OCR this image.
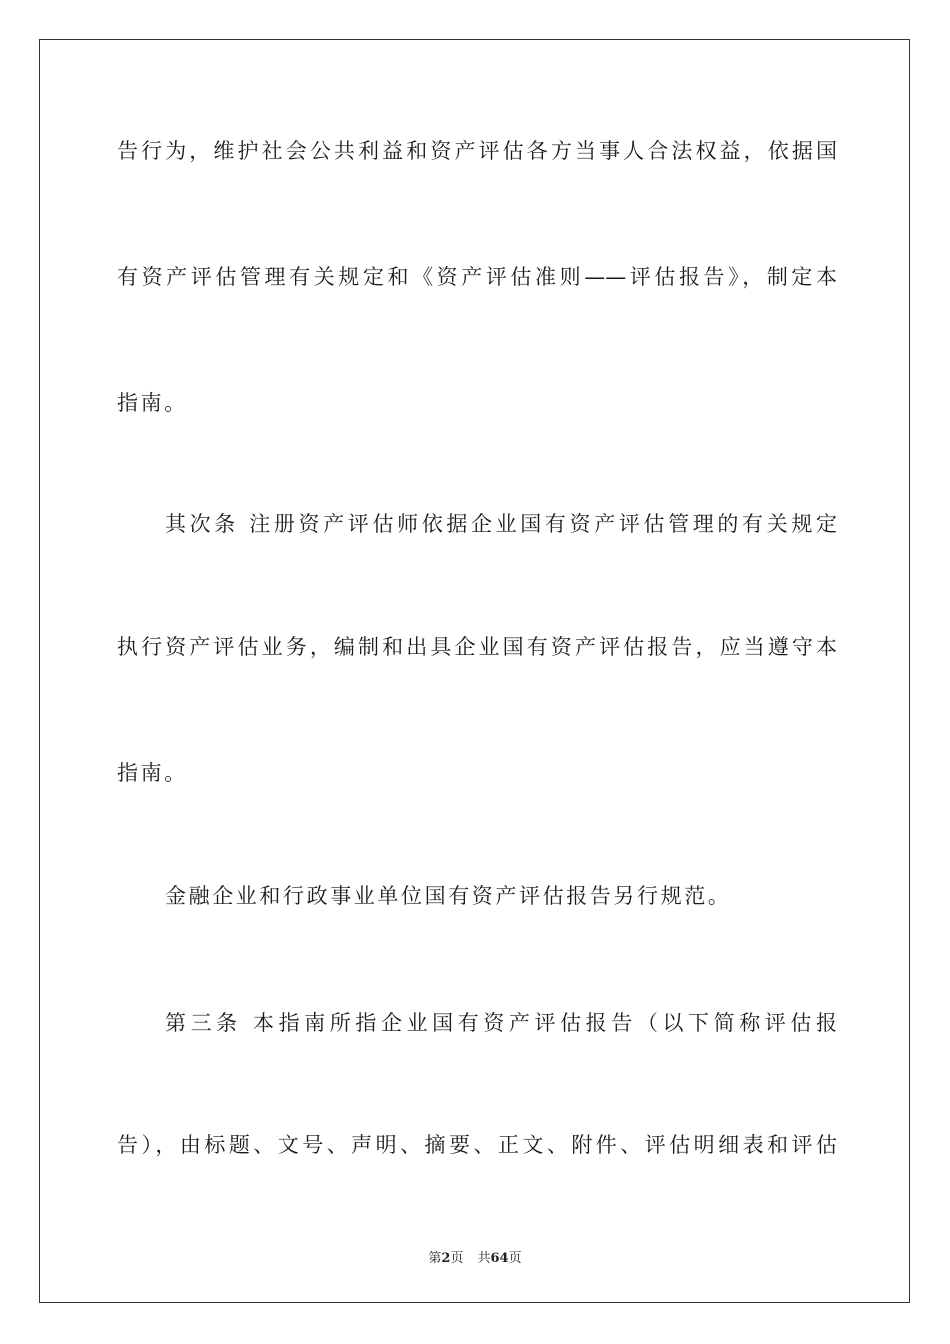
告行为，维护社会公共利益和资产评估各方当事人合法权益，依据国
有资产评估管理有关规定和《资产评估准则——评估报告》，制定本
指南。
其次条 注册资产评估师依据企业国有资产评估管理的有关规定
执行资产评估业务，编制和出具企业国有资产评估报告，应当遵守本
指南。
金融企业和行政事业单位国有资产评估报告另行规范。
第三条 本指南所指企业国有资产评估报告（以下简称评估报
告），由标题、文号、声明、摘要、正文、附件、评估明细表和评估
第2页 共64页
